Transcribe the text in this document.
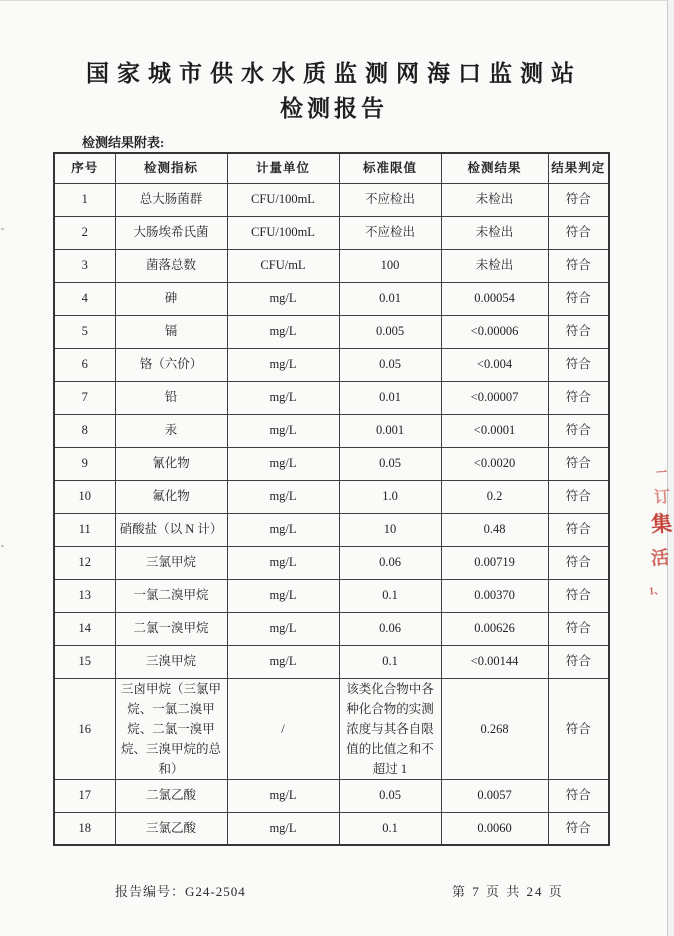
国家城市供水水质监测网海口监测站
检测报告
检测结果附表:
序号	检测指标	计量单位	标准限值	检测结果	结果判定
1	总大肠菌群	CFU/100mL	不应检出	未检出	符合
2	大肠埃希氏菌	CFU/100mL	不应检出	未检出	符合
3	菌落总数	CFU/mL	100	未检出	符合
4	砷	mg/L	0.01	0.00054	符合
5	镉	mg/L	0.005	<0.00006	符合
6	铬（六价）	mg/L	0.05	<0.004	符合
7	铅	mg/L	0.01	<0.00007	符合
8	汞	mg/L	0.001	<0.0001	符合
9	氰化物	mg/L	0.05	<0.0020	符合
10	氟化物	mg/L	1.0	0.2	符合
11	硝酸盐（以 N 计）	mg/L	10	0.48	符合
12	三氯甲烷	mg/L	0.06	0.00719	符合
13	一氯二溴甲烷	mg/L	0.1	0.00370	符合
14	二氯一溴甲烷	mg/L	0.06	0.00626	符合
15	三溴甲烷	mg/L	0.1	<0.00144	符合
16	三卤甲烷（三氯甲
烷、一氯二溴甲
烷、二氯一溴甲
烷、三溴甲烷的总
和）	/	该类化合物中各
种化合物的实测
浓度与其各自限
值的比值之和不
超过 1	0.268	符合
17	二氯乙酸	mg/L	0.05	0.0057	符合
18	三氯乙酸	mg/L	0.1	0.0060	符合
报告编号：G24-2504	第 7 页 共 24 页
一
订
集
活
1、
